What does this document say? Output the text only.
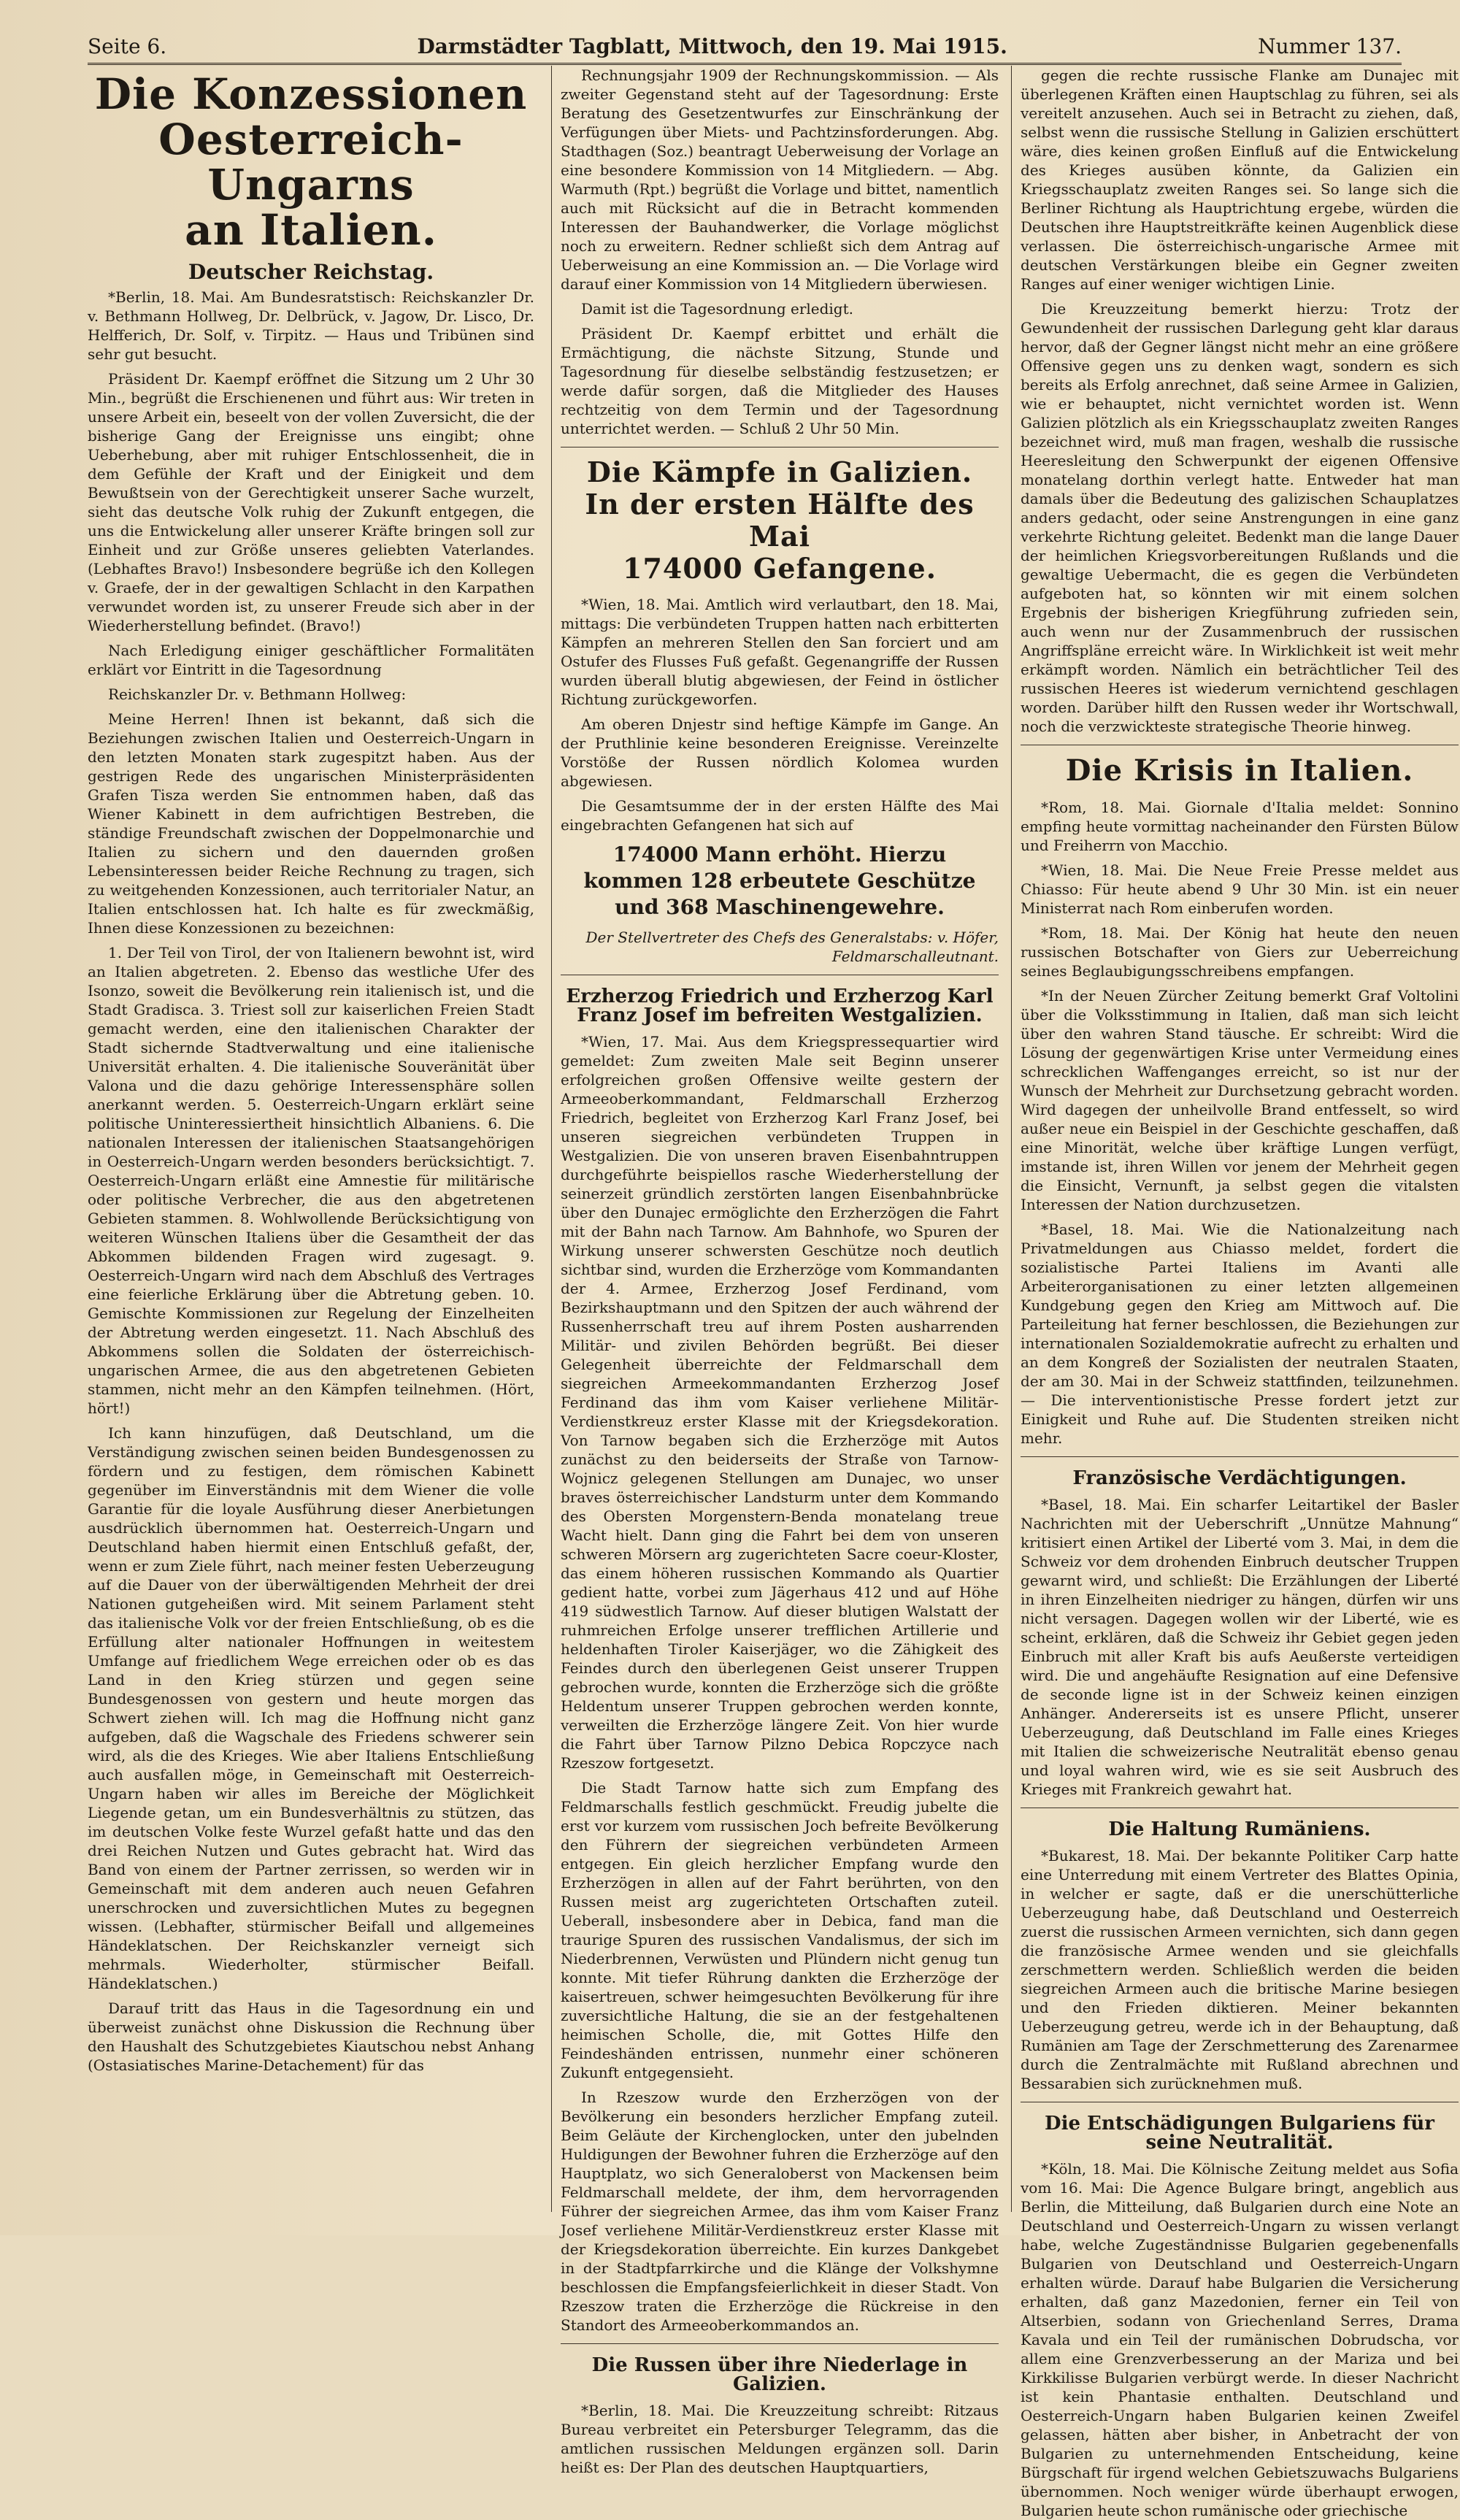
Seite 6.	Darmstädter Tagblatt, Mittwoch, den 19. Mai 1915.	Nummer 137.
Die Konzessionen
Oesterreich-Ungarns
an Italien.
Deutscher Reichstag.

*Berlin, 18. Mai. Am Bundesratstisch: Reichskanzler Dr. v. Bethmann Hollweg, Dr. Delbrück, v. Jagow, Dr. Lisco, Dr. Helfferich, Dr. Solf, v. Tirpitz. — Haus und Tribünen sind sehr gut besucht.

Präsident Dr. Kaempf eröffnet die Sitzung um 2 Uhr 30 Min., begrüßt die Erschienenen und führt aus: Wir treten in unsere Arbeit ein, beseelt von der vollen Zuversicht, die der bisherige Gang der Ereignisse uns eingibt; ohne Ueberhebung, aber mit ruhiger Entschlossenheit, die in dem Gefühle der Kraft und der Einigkeit und dem Bewußtsein von der Gerechtigkeit unserer Sache wurzelt, sieht das deutsche Volk ruhig der Zukunft entgegen, die uns die Entwickelung aller unserer Kräfte bringen soll zur Einheit und zur Größe unseres geliebten Vaterlandes. (Lebhaftes Bravo!) Insbesondere begrüße ich den Kollegen v. Graefe, der in der gewaltigen Schlacht in den Karpathen verwundet worden ist, zu unserer Freude sich aber in der Wiederherstellung befindet. (Bravo!)

Nach Erledigung einiger geschäftlicher Formalitäten erklärt vor Eintritt in die Tagesordnung

Reichskanzler Dr. v. Bethmann Hollweg:

Meine Herren! Ihnen ist bekannt, daß sich die Beziehungen zwischen Italien und Oesterreich-Ungarn in den letzten Monaten stark zugespitzt haben. Aus der gestrigen Rede des ungarischen Ministerpräsidenten Grafen Tisza werden Sie entnommen haben, daß das Wiener Kabinett in dem aufrichtigen Bestreben, die ständige Freundschaft zwischen der Doppelmonarchie und Italien zu sichern und den dauernden großen Lebensinteressen beider Reiche Rechnung zu tragen, sich zu weitgehenden Konzessionen, auch territorialer Natur, an Italien entschlossen hat. Ich halte es für zweckmäßig, Ihnen diese Konzessionen zu bezeichnen:

1. Der Teil von Tirol, der von Italienern bewohnt ist, wird an Italien abgetreten. 2. Ebenso das westliche Ufer des Isonzo, soweit die Bevölkerung rein italienisch ist, und die Stadt Gradisca. 3. Triest soll zur kaiserlichen Freien Stadt gemacht werden, eine den italienischen Charakter der Stadt sichernde Stadtverwaltung und eine italienische Universität erhalten. 4. Die italienische Souveränität über Valona und die dazu gehörige Interessensphäre sollen anerkannt werden. 5. Oesterreich-Ungarn erklärt seine politische Uninteressiertheit hinsichtlich Albaniens. 6. Die nationalen Interessen der italienischen Staatsangehörigen in Oesterreich-Ungarn werden besonders berücksichtigt. 7. Oesterreich-Ungarn erläßt eine Amnestie für militärische oder politische Verbrecher, die aus den abgetretenen Gebieten stammen. 8. Wohlwollende Berücksichtigung von weiteren Wünschen Italiens über die Gesamtheit der das Abkommen bildenden Fragen wird zugesagt. 9. Oesterreich-Ungarn wird nach dem Abschluß des Vertrages eine feierliche Erklärung über die Abtretung geben. 10. Gemischte Kommissionen zur Regelung der Einzelheiten der Abtretung werden eingesetzt. 11. Nach Abschluß des Abkommens sollen die Soldaten der österreichisch-ungarischen Armee, die aus den abgetretenen Gebieten stammen, nicht mehr an den Kämpfen teilnehmen. (Hört, hört!)

Ich kann hinzufügen, daß Deutschland, um die Verständigung zwischen seinen beiden Bundesgenossen zu fördern und zu festigen, dem römischen Kabinett gegenüber im Einverständnis mit dem Wiener die volle Garantie für die loyale Ausführung dieser Anerbietungen ausdrücklich übernommen hat. Oesterreich-Ungarn und Deutschland haben hiermit einen Entschluß gefaßt, der, wenn er zum Ziele führt, nach meiner festen Ueberzeugung auf die Dauer von der überwältigenden Mehrheit der drei Nationen gutgeheißen wird. Mit seinem Parlament steht das italienische Volk vor der freien Entschließung, ob es die Erfüllung alter nationaler Hoffnungen in weitestem Umfange auf friedlichem Wege erreichen oder ob es das Land in den Krieg stürzen und gegen seine Bundesgenossen von gestern und heute morgen das Schwert ziehen will. Ich mag die Hoffnung nicht ganz aufgeben, daß die Wagschale des Friedens schwerer sein wird, als die des Krieges. Wie aber Italiens Entschließung auch ausfallen möge, in Gemeinschaft mit Oesterreich-Ungarn haben wir alles im Bereiche der Möglichkeit Liegende getan, um ein Bundesverhältnis zu stützen, das im deutschen Volke feste Wurzel gefaßt hatte und das den drei Reichen Nutzen und Gutes gebracht hat. Wird das Band von einem der Partner zerrissen, so werden wir in Gemeinschaft mit dem anderen auch neuen Gefahren unerschrocken und zuversichtlichen Mutes zu begegnen wissen. (Lebhafter, stürmischer Beifall und allgemeines Händeklatschen. Der Reichskanzler verneigt sich mehrmals. Wiederholter, stürmischer Beifall. Händeklatschen.)

Darauf tritt das Haus in die Tagesordnung ein und überweist zunächst ohne Diskussion die Rechnung über den Haushalt des Schutzgebietes Kiautschou nebst Anhang (Ostasiatisches Marine-Detachement) für das

Rechnungsjahr 1909 der Rechnungskommission. — Als zweiter Gegenstand steht auf der Tagesordnung: Erste Beratung des Gesetzentwurfes zur Einschränkung der Verfügungen über Miets- und Pachtzinsforderungen. Abg. Stadthagen (Soz.) beantragt Ueberweisung der Vorlage an eine besondere Kommission von 14 Mitgliedern. — Abg. Warmuth (Rpt.) begrüßt die Vorlage und bittet, namentlich auch mit Rücksicht auf die in Betracht kommenden Interessen der Bauhandwerker, die Vorlage möglichst noch zu erweitern. Redner schließt sich dem Antrag auf Ueberweisung an eine Kommission an. — Die Vorlage wird darauf einer Kommission von 14 Mitgliedern überwiesen.

Damit ist die Tagesordnung erledigt.

Präsident Dr. Kaempf erbittet und erhält die Ermächtigung, die nächste Sitzung, Stunde und Tagesordnung für dieselbe selbständig festzusetzen; er werde dafür sorgen, daß die Mitglieder des Hauses rechtzeitig von dem Termin und der Tagesordnung unterrichtet werden. — Schluß 2 Uhr 50 Min.

Die Kämpfe in Galizien.
In der ersten Hälfte des Mai
174000 Gefangene.

*Wien, 18. Mai. Amtlich wird verlautbart, den 18. Mai, mittags: Die verbündeten Truppen hatten nach erbitterten Kämpfen an mehreren Stellen den San forciert und am Ostufer des Flusses Fuß gefaßt. Gegenangriffe der Russen wurden überall blutig abgewiesen, der Feind in östlicher Richtung zurückgeworfen.

Am oberen Dnjestr sind heftige Kämpfe im Gange. An der Pruthlinie keine besonderen Ereignisse. Vereinzelte Vorstöße der Russen nördlich Kolomea wurden abgewiesen.

Die Gesamtsumme der in der ersten Hälfte des Mai eingebrachten Gefangenen hat sich auf

174000 Mann erhöht. Hierzu kommen 128 erbeutete Geschütze und 368 Maschinengewehre.
Der Stellvertreter des Chefs des Generalstabs: v. Höfer, Feldmarschalleutnant.
Erzherzog Friedrich und Erzherzog Karl Franz Josef im befreiten Westgalizien.

*Wien, 17. Mai. Aus dem Kriegspressequartier wird gemeldet: Zum zweiten Male seit Beginn unserer erfolgreichen großen Offensive weilte gestern der Armeeoberkommandant, Feldmarschall Erzherzog Friedrich, begleitet von Erzherzog Karl Franz Josef, bei unseren siegreichen verbündeten Truppen in Westgalizien. Die von unseren braven Eisenbahntruppen durchgeführte beispiellos rasche Wiederherstellung der seinerzeit gründlich zerstörten langen Eisenbahnbrücke über den Dunajec ermöglichte den Erzherzögen die Fahrt mit der Bahn nach Tarnow. Am Bahnhofe, wo Spuren der Wirkung unserer schwersten Geschütze noch deutlich sichtbar sind, wurden die Erzherzöge vom Kommandanten der 4. Armee, Erzherzog Josef Ferdinand, vom Bezirkshauptmann und den Spitzen der auch während der Russenherrschaft treu auf ihrem Posten ausharrenden Militär- und zivilen Behörden begrüßt. Bei dieser Gelegenheit überreichte der Feldmarschall dem siegreichen Armeekommandanten Erzherzog Josef Ferdinand das ihm vom Kaiser verliehene Militär-Verdienstkreuz erster Klasse mit der Kriegsdekoration. Von Tarnow begaben sich die Erzherzöge mit Autos zunächst zu den beiderseits der Straße von Tarnow-Wojnicz gelegenen Stellungen am Dunajec, wo unser braves österreichischer Landsturm unter dem Kommando des Obersten Morgenstern-Benda monatelang treue Wacht hielt. Dann ging die Fahrt bei dem von unseren schweren Mörsern arg zugerichteten Sacre coeur-Kloster, das einem höheren russischen Kommando als Quartier gedient hatte, vorbei zum Jägerhaus 412 und auf Höhe 419 südwestlich Tarnow. Auf dieser blutigen Walstatt der ruhmreichen Erfolge unserer trefflichen Artillerie und heldenhaften Tiroler Kaiserjäger, wo die Zähigkeit des Feindes durch den überlegenen Geist unserer Truppen gebrochen wurde, konnten die Erzherzöge sich die größte Heldentum unserer Truppen gebrochen werden konnte, verweilten die Erzherzöge längere Zeit. Von hier wurde die Fahrt über Tarnow Pilzno Debica Ropczyce nach Rzeszow fortgesetzt.

Die Stadt Tarnow hatte sich zum Empfang des Feldmarschalls festlich geschmückt. Freudig jubelte die erst vor kurzem vom russischen Joch befreite Bevölkerung den Führern der siegreichen verbündeten Armeen entgegen. Ein gleich herzlicher Empfang wurde den Erzherzögen in allen auf der Fahrt berührten, von den Russen meist arg zugerichteten Ortschaften zuteil. Ueberall, insbesondere aber in Debica, fand man die traurige Spuren des russischen Vandalismus, der sich im Niederbrennen, Verwüsten und Plündern nicht genug tun konnte. Mit tiefer Rührung dankten die Erzherzöge der kaisertreuen, schwer heimgesuchten Bevölkerung für ihre zuversichtliche Haltung, die sie an der festgehaltenen heimischen Scholle, die, mit Gottes Hilfe den Feindeshänden entrissen, nunmehr einer schöneren Zukunft entgegensieht.

In Rzeszow wurde den Erzherzögen von der Bevölkerung ein besonders herzlicher Empfang zuteil. Beim Geläute der Kirchenglocken, unter den jubelnden Huldigungen der Bewohner fuhren die Erzherzöge auf den Hauptplatz, wo sich Generaloberst von Mackensen beim Feldmarschall meldete, der ihm, dem hervorragenden Führer der siegreichen Armee, das ihm vom Kaiser Franz Josef verliehene Militär-Verdienstkreuz erster Klasse mit der Kriegsdekoration überreichte. Ein kurzes Dankgebet in der Stadtpfarrkirche und die Klänge der Volkshymne beschlossen die Empfangsfeierlichkeit in dieser Stadt. Von Rzeszow traten die Erzherzöge die Rückreise in den Standort des Armeeoberkommandos an.

Die Russen über ihre Niederlage in Galizien.

*Berlin, 18. Mai. Die Kreuzzeitung schreibt: Ritzaus Bureau verbreitet ein Petersburger Telegramm, das die amtlichen russischen Meldungen ergänzen soll. Darin heißt es: Der Plan des deutschen Hauptquartiers,

gegen die rechte russische Flanke am Dunajec mit überlegenen Kräften einen Hauptschlag zu führen, sei als vereitelt anzusehen. Auch sei in Betracht zu ziehen, daß, selbst wenn die russische Stellung in Galizien erschüttert wäre, dies keinen großen Einfluß auf die Entwickelung des Krieges ausüben könnte, da Galizien ein Kriegsschauplatz zweiten Ranges sei. So lange sich die Berliner Richtung als Hauptrichtung ergebe, würden die Deutschen ihre Hauptstreitkräfte keinen Augenblick diese verlassen. Die österreichisch-ungarische Armee mit deutschen Verstärkungen bleibe ein Gegner zweiten Ranges auf einer weniger wichtigen Linie.

Die Kreuzzeitung bemerkt hierzu: Trotz der Gewundenheit der russischen Darlegung geht klar daraus hervor, daß der Gegner längst nicht mehr an eine größere Offensive gegen uns zu denken wagt, sondern es sich bereits als Erfolg anrechnet, daß seine Armee in Galizien, wie er behauptet, nicht vernichtet worden ist. Wenn Galizien plötzlich als ein Kriegsschauplatz zweiten Ranges bezeichnet wird, muß man fragen, weshalb die russische Heeresleitung den Schwerpunkt der eigenen Offensive monatelang dorthin verlegt hatte. Entweder hat man damals über die Bedeutung des galizischen Schauplatzes anders gedacht, oder seine Anstrengungen in eine ganz verkehrte Richtung geleitet. Bedenkt man die lange Dauer der heimlichen Kriegsvorbereitungen Rußlands und die gewaltige Uebermacht, die es gegen die Verbündeten aufgeboten hat, so könnten wir mit einem solchen Ergebnis der bisherigen Kriegführung zufrieden sein, auch wenn nur der Zusammenbruch der russischen Angriffspläne erreicht wäre. In Wirklichkeit ist weit mehr erkämpft worden. Nämlich ein beträchtlicher Teil des russischen Heeres ist wiederum vernichtend geschlagen worden. Darüber hilft den Russen weder ihr Wortschwall, noch die verzwickteste strategische Theorie hinweg.

Die Krisis in Italien.

*Rom, 18. Mai. Giornale d'Italia meldet: Sonnino empfing heute vormittag nacheinander den Fürsten Bülow und Freiherrn von Macchio.

*Wien, 18. Mai. Die Neue Freie Presse meldet aus Chiasso: Für heute abend 9 Uhr 30 Min. ist ein neuer Ministerrat nach Rom einberufen worden.

*Rom, 18. Mai. Der König hat heute den neuen russischen Botschafter von Giers zur Ueberreichung seines Beglaubigungsschreibens empfangen.

*In der Neuen Zürcher Zeitung bemerkt Graf Voltolini über die Volksstimmung in Italien, daß man sich leicht über den wahren Stand täusche. Er schreibt: Wird die Lösung der gegenwärtigen Krise unter Vermeidung eines schrecklichen Waffenganges erreicht, so ist nur der Wunsch der Mehrheit zur Durchsetzung gebracht worden. Wird dagegen der unheilvolle Brand entfesselt, so wird außer neue ein Beispiel in der Geschichte geschaffen, daß eine Minorität, welche über kräftige Lungen verfügt, imstande ist, ihren Willen vor jenem der Mehrheit gegen die Einsicht, Vernunft, ja selbst gegen die vitalsten Interessen der Nation durchzusetzen.

*Basel, 18. Mai. Wie die Nationalzeitung nach Privatmeldungen aus Chiasso meldet, fordert die sozialistische Partei Italiens im Avanti alle Arbeiterorganisationen zu einer letzten allgemeinen Kundgebung gegen den Krieg am Mittwoch auf. Die Parteileitung hat ferner beschlossen, die Beziehungen zur internationalen Sozialdemokratie aufrecht zu erhalten und an dem Kongreß der Sozialisten der neutralen Staaten, der am 30. Mai in der Schweiz stattfinden, teilzunehmen. — Die interventionistische Presse fordert jetzt zur Einigkeit und Ruhe auf. Die Studenten streiken nicht mehr.

Französische Verdächtigungen.

*Basel, 18. Mai. Ein scharfer Leitartikel der Basler Nachrichten mit der Ueberschrift „Unnütze Mahnung“ kritisiert einen Artikel der Liberté vom 3. Mai, in dem die Schweiz vor dem drohenden Einbruch deutscher Truppen gewarnt wird, und schließt: Die Erzählungen der Liberté in ihren Einzelheiten niedriger zu hängen, dürfen wir uns nicht versagen. Dagegen wollen wir der Liberté, wie es scheint, erklären, daß die Schweiz ihr Gebiet gegen jeden Einbruch mit aller Kraft bis aufs Aeußerste verteidigen wird. Die und angehäufte Resignation auf eine Defensive de seconde ligne ist in der Schweiz keinen einzigen Anhänger. Andererseits ist es unsere Pflicht, unserer Ueberzeugung, daß Deutschland im Falle eines Krieges mit Italien die schweizerische Neutralität ebenso genau und loyal wahren wird, wie es sie seit Ausbruch des Krieges mit Frankreich gewahrt hat.

Die Haltung Rumäniens.

*Bukarest, 18. Mai. Der bekannte Politiker Carp hatte eine Unterredung mit einem Vertreter des Blattes Opinia, in welcher er sagte, daß er die unerschütterliche Ueberzeugung habe, daß Deutschland und Oesterreich zuerst die russischen Armeen vernichten, sich dann gegen die französische Armee wenden und sie gleichfalls zerschmettern werden. Schließlich werden die beiden siegreichen Armeen auch die britische Marine besiegen und den Frieden diktieren. Meiner bekannten Ueberzeugung getreu, werde ich in der Behauptung, daß Rumänien am Tage der Zerschmetterung des Zarenarmee durch die Zentralmächte mit Rußland abrechnen und Bessarabien sich zurücknehmen muß.

Die Entschädigungen Bulgariens für seine Neutralität.

*Köln, 18. Mai. Die Kölnische Zeitung meldet aus Sofia vom 16. Mai: Die Agence Bulgare bringt, angeblich aus Berlin, die Mitteilung, daß Bulgarien durch eine Note an Deutschland und Oesterreich-Ungarn zu wissen verlangt habe, welche Zugeständnisse Bulgarien gegebenenfalls Bulgarien von Deutschland und Oesterreich-Ungarn erhalten würde. Darauf habe Bulgarien die Versicherung erhalten, daß ganz Mazedonien, ferner ein Teil von Altserbien, sodann von Griechenland Serres, Drama Kavala und ein Teil der rumänischen Dobrudscha, vor allem eine Grenzverbesserung an der Mariza und bei Kirkkilisse Bulgarien verbürgt werde. In dieser Nachricht ist kein Phantasie enthalten. Deutschland und Oesterreich-Ungarn haben Bulgarien keinen Zweifel gelassen, hätten aber bisher, in Anbetracht der von Bulgarien zu unternehmenden Entscheidung, keine Bürgschaft für irgend welchen Gebietszuwachs Bulgariens übernommen. Noch weniger würde überhaupt erwogen, Bulgarien heute schon rumänische oder griechische
